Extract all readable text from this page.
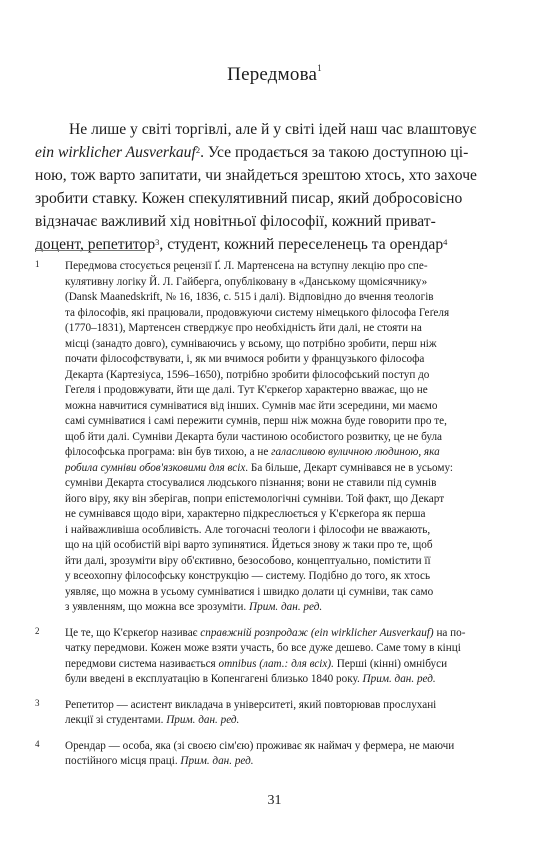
Передмова$^1$
Не лише у світі торгівлі, але й у світі ідей наш час влаштовує
ein wirklicher Ausverkauf$^2$. Усе продається за такою доступною ці-
ною, тож варто запитати, чи знайдеться зрештою хтось, хто захоче
зробити ставку. Кожен спекулятивний писар, який добросовісно
відзначає важливий хід новітньої філософії, кожний приват-
доцент, репетитор$^3$, студент, кожний переселенець та орендар$^4$
1 Передмова стосується рецензії Ґ. Л. Мартенсена на вступну лекцію про спе-
кулятивну логіку Й. Л. Гайберга, опубліковану в «Данському щомісячнику»
(Dansk Maanedskrift, № 16, 1836, с. 515 і далі). Відповідно до вчення теологів
та філософів, які працювали, продовжуючи систему німецького філософа Геґеля
(1770–1831), Мартенсен стверджує про необхідність йти далі, не стояти на
місці (занадто довго), сумніваючись у всьому, що потрібно зробити, перш ніж
почати філософствувати, і, як ми вчимося робити у французького філософа
Декарта (Картезіуса, 1596–1650), потрібно зробити філософський поступ до
Геґеля і продовжувати, йти ще далі. Тут К'єркеґор характерно вважає, що не
можна навчитися сумніватися від інших. Сумнів має йти зсередини, ми маємо
самі сумніватися і самі пережити сумнів, перш ніж можна буде говорити про те,
щоб йти далі. Сумніви Декарта були частиною особистого розвитку, це не була
філософська програма: він був тихою, а не галасливою вуличною людиною, яка
робила сумніви обов'язковими для всіх. Ба більше, Декарт сумнівався не в усьому:
сумніви Декарта стосувалися людського пізнання; вони не ставили під сумнів
його віру, яку він зберігав, попри епістемологічні сумніви. Той факт, що Декарт
не сумнівався щодо віри, характерно підкреслюється у К'єркеґора як перша
і найважливіша особливість. Але тогочасні теологи і філософи не вважають,
що на цій особистій вірі варто зупинятися. Йдеться знову ж таки про те, щоб
йти далі, зрозуміти віру об'єктивно, безособово, концептуально, помістити її
у всеохопну філософську конструкцію — систему. Подібно до того, як хтось
уявляє, що можна в усьому сумніватися і швидко долати ці сумніви, так само
з уявленням, що можна все зрозуміти. Прим. дан. ред.
2 Це те, що К'єркеґор називає справжній розпродаж (ein wirklicher Ausverkauf) на по-
чатку передмови. Кожен може взяти участь, бо все дуже дешево. Саме тому в кінці
передмови система називається omnibus (лат.: для всіх). Перші (кінні) омнібуси
були введені в експлуатацію в Копенгагені близько 1840 року. Прим. дан. ред.
3 Репетитор — асистент викладача в університеті, який повторював прослухані
лекції зі студентами. Прим. дан. ред.
4 Орендар — особа, яка (зі своєю сім'єю) проживає як наймач у фермера, не маючи
постійного місця праці. Прим. дан. ред.
31
